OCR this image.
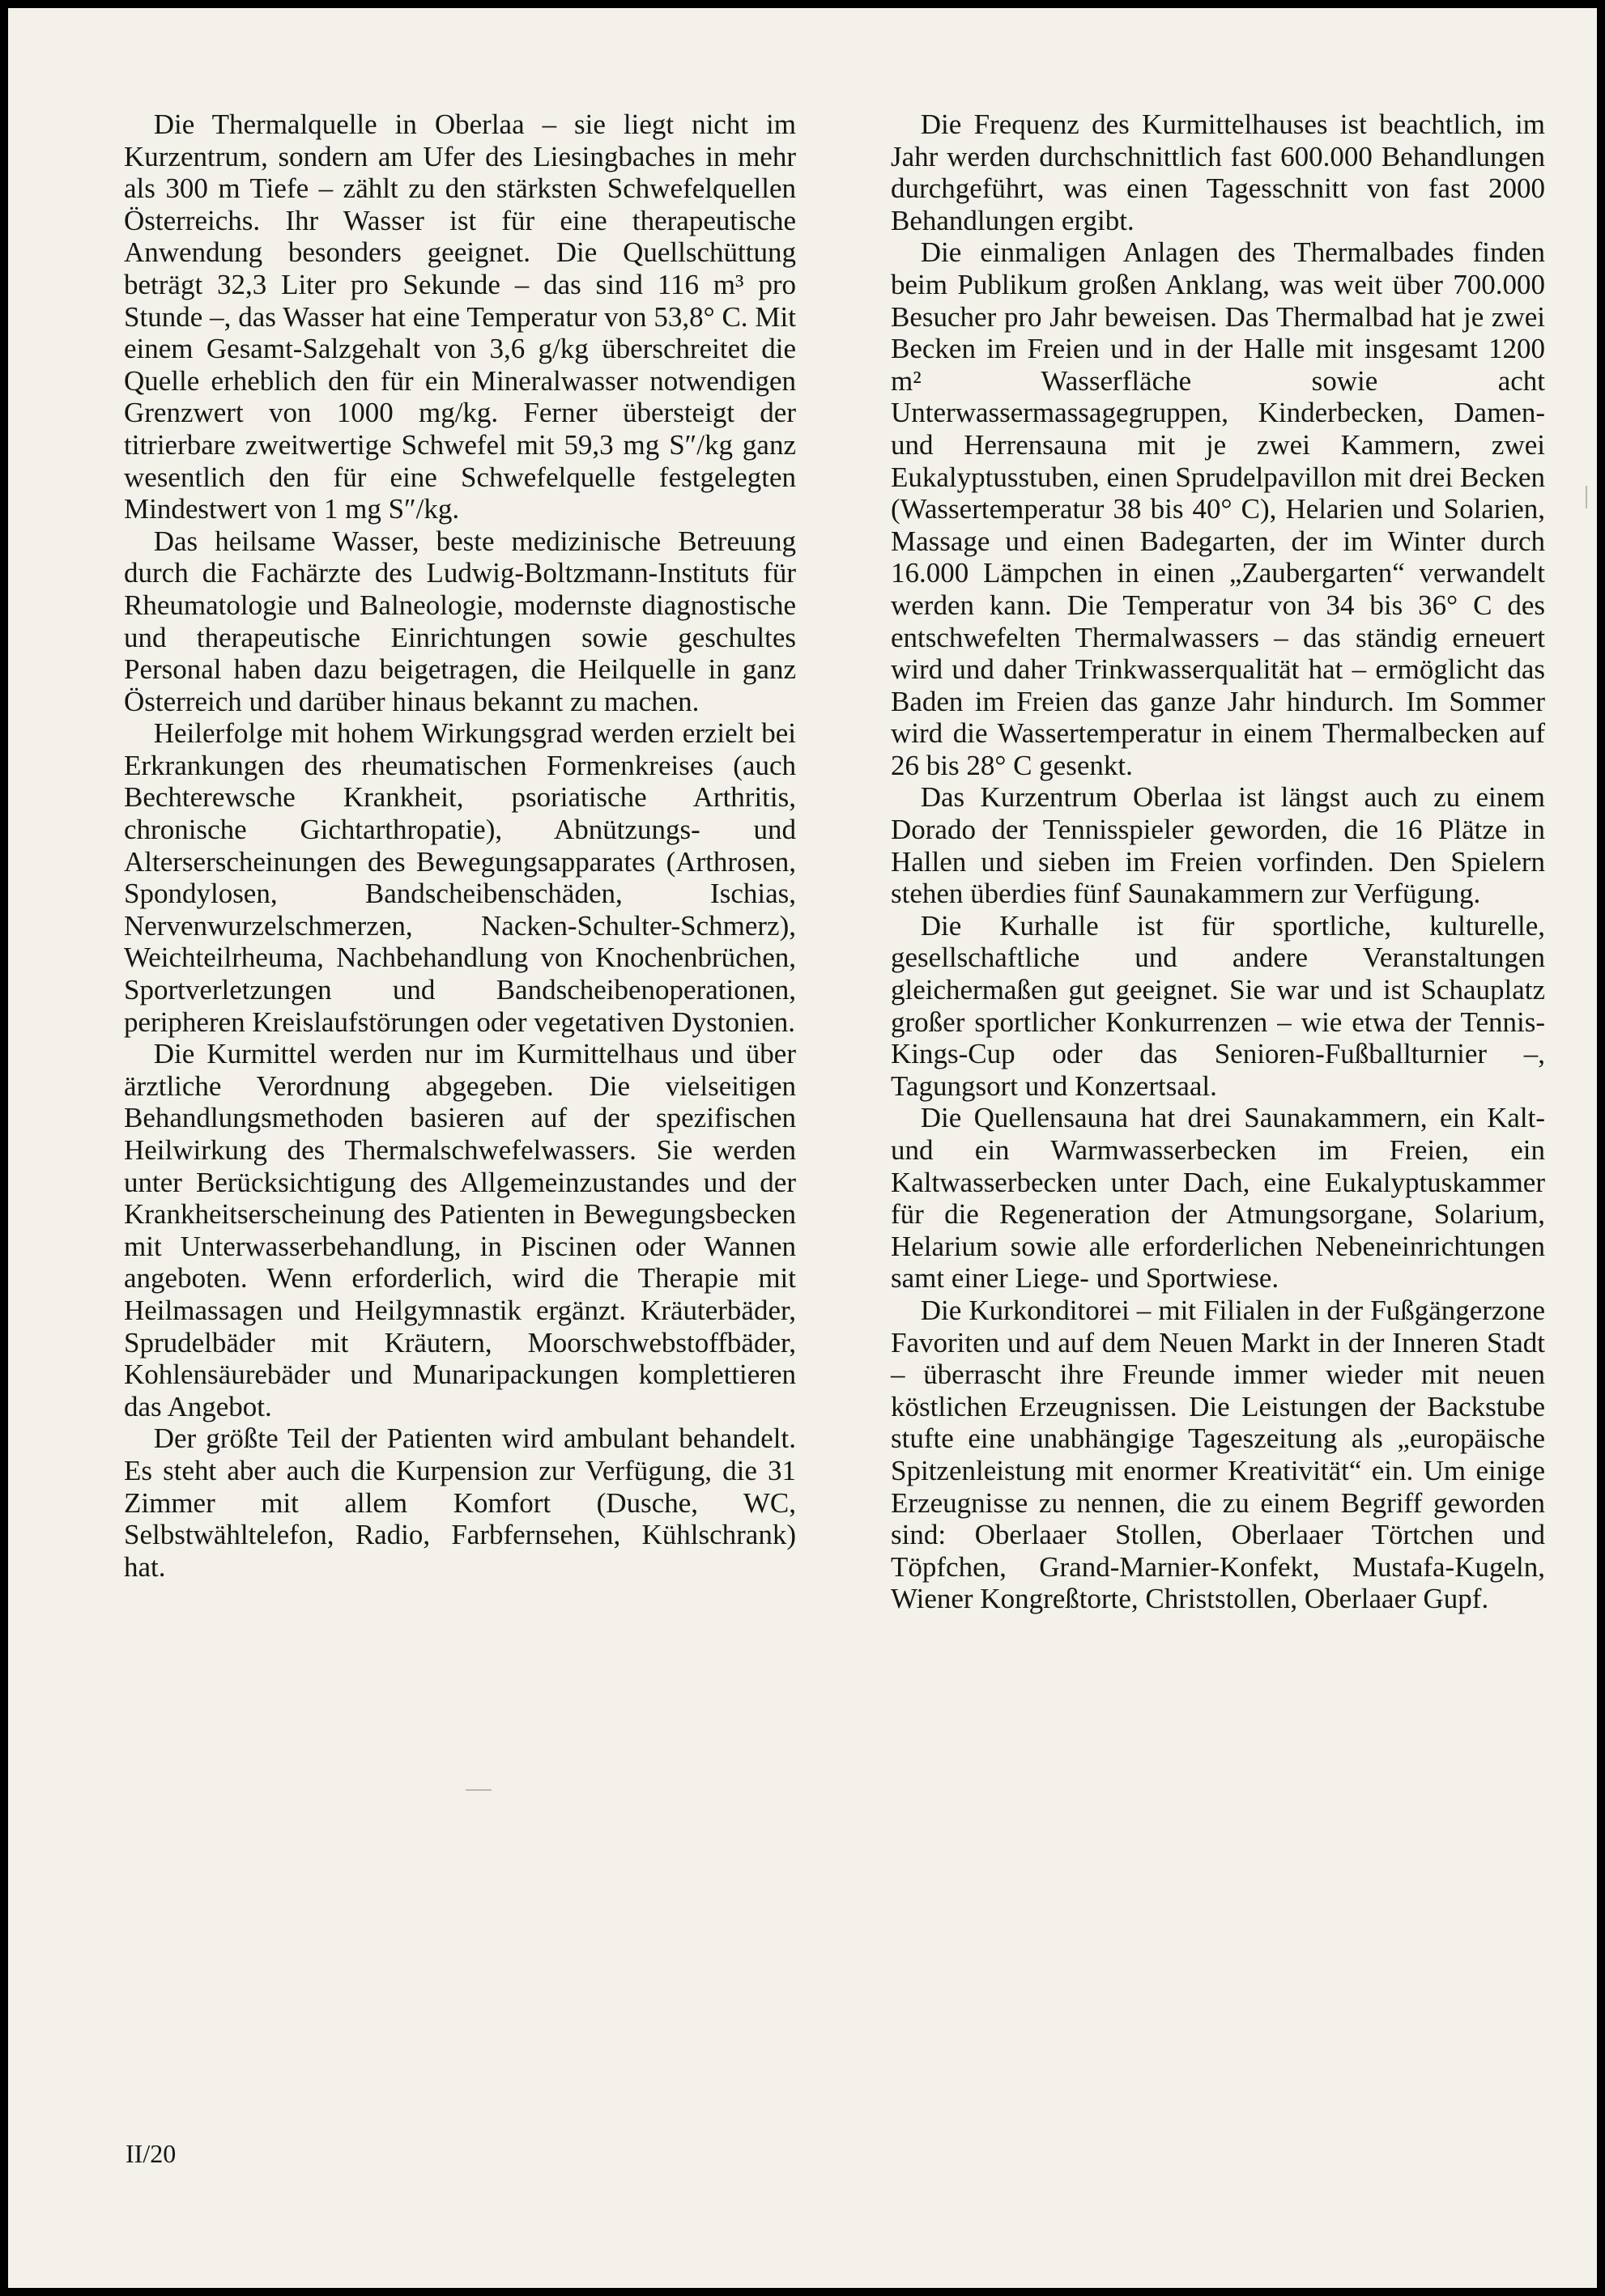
Die Thermalquelle in Oberlaa – sie liegt nicht im Kurzentrum, sondern am Ufer des Liesingbaches in mehr als 300 m Tiefe – zählt zu den stärksten Schwefelquellen Österreichs. Ihr Wasser ist für eine therapeutische Anwendung besonders geeignet. Die Quellschüttung beträgt 32,3 Liter pro Sekunde – das sind 116 m³ pro Stunde –, das Wasser hat eine Temperatur von 53,8° C. Mit einem Gesamt-Salzgehalt von 3,6 g/kg überschreitet die Quelle erheblich den für ein Mineralwasser notwendigen Grenzwert von 1000 mg/kg. Ferner übersteigt der titrierbare zweitwertige Schwefel mit 59,3 mg S″/kg ganz wesentlich den für eine Schwefelquelle festgelegten Mindestwert von 1 mg S″/kg.

Das heilsame Wasser, beste medizinische Betreuung durch die Fachärzte des Ludwig-Boltzmann-Instituts für Rheumatologie und Balneologie, modernste diagnostische und therapeutische Einrichtungen sowie geschultes Personal haben dazu beigetragen, die Heilquelle in ganz Österreich und darüber hinaus bekannt zu machen.

Heilerfolge mit hohem Wirkungsgrad werden erzielt bei Erkrankungen des rheumatischen Formenkreises (auch Bechterewsche Krankheit, psoriatische Arthritis, chronische Gichtarthropatie), Abnützungs- und Alterserscheinungen des Bewegungsapparates (Arthrosen, Spondylosen, Bandscheibenschäden, Ischias, Nervenwurzelschmerzen, Nacken-Schulter-Schmerz), Weichteilrheuma, Nachbehandlung von Knochenbrüchen, Sportverletzungen und Bandscheibenoperationen, peripheren Kreislaufstörungen oder vegetativen Dystonien.

Die Kurmittel werden nur im Kurmittelhaus und über ärztliche Verordnung abgegeben. Die vielseitigen Behandlungsmethoden basieren auf der spezifischen Heilwirkung des Thermalschwefelwassers. Sie werden unter Berücksichtigung des Allgemeinzustandes und der Krankheitserscheinung des Patienten in Bewegungsbecken mit Unterwasserbehandlung, in Piscinen oder Wannen angeboten. Wenn erforderlich, wird die Therapie mit Heilmassagen und Heilgymnastik ergänzt. Kräuterbäder, Sprudelbäder mit Kräutern, Moorschwebstoffbäder, Kohlensäurebäder und Munaripackungen komplettieren das Angebot.

Der größte Teil der Patienten wird ambulant behandelt. Es steht aber auch die Kurpension zur Verfügung, die 31 Zimmer mit allem Komfort (Dusche, WC, Selbstwähltelefon, Radio, Farbfernsehen, Kühlschrank) hat.

Die Frequenz des Kurmittelhauses ist beachtlich, im Jahr werden durchschnittlich fast 600.000 Behandlungen durchgeführt, was einen Tagesschnitt von fast 2000 Behandlungen ergibt.

Die einmaligen Anlagen des Thermalbades finden beim Publikum großen Anklang, was weit über 700.000 Besucher pro Jahr beweisen. Das Thermalbad hat je zwei Becken im Freien und in der Halle mit insgesamt 1200 m² Wasserfläche sowie acht Unterwassermassagegruppen, Kinderbecken, Damen- und Herrensauna mit je zwei Kammern, zwei Eukalyptusstuben, einen Sprudelpavillon mit drei Becken (Wassertemperatur 38 bis 40° C), Helarien und Solarien, Massage und einen Badegarten, der im Winter durch 16.000 Lämpchen in einen „Zaubergarten“ verwandelt werden kann. Die Temperatur von 34 bis 36° C des entschwefelten Thermalwassers – das ständig erneuert wird und daher Trinkwasserqualität hat – ermöglicht das Baden im Freien das ganze Jahr hindurch. Im Sommer wird die Wassertemperatur in einem Thermalbecken auf 26 bis 28° C gesenkt.

Das Kurzentrum Oberlaa ist längst auch zu einem Dorado der Tennisspieler geworden, die 16 Plätze in Hallen und sieben im Freien vorfinden. Den Spielern stehen überdies fünf Saunakammern zur Verfügung.

Die Kurhalle ist für sportliche, kulturelle, gesellschaftliche und andere Veranstaltungen gleichermaßen gut geeignet. Sie war und ist Schauplatz großer sportlicher Konkurrenzen – wie etwa der Tennis-Kings-Cup oder das Senioren-Fußballturnier –, Tagungsort und Konzertsaal.

Die Quellensauna hat drei Saunakammern, ein Kalt- und ein Warmwasserbecken im Freien, ein Kaltwasserbecken unter Dach, eine Eukalyptuskammer für die Regeneration der Atmungsorgane, Solarium, Helarium sowie alle erforderlichen Nebeneinrichtungen samt einer Liege- und Sportwiese.

Die Kurkonditorei – mit Filialen in der Fußgängerzone Favoriten und auf dem Neuen Markt in der Inneren Stadt – überrascht ihre Freunde immer wieder mit neuen köstlichen Erzeugnissen. Die Leistungen der Backstube stufte eine unabhängige Tageszeitung als „europäische Spitzenleistung mit enormer Kreativität“ ein. Um einige Erzeugnisse zu nennen, die zu einem Begriff geworden sind: Oberlaaer Stollen, Oberlaaer Törtchen und Töpfchen, Grand-Marnier-Konfekt, Mustafa-Kugeln, Wiener Kongreßtorte, Christstollen, Oberlaaer Gupf.

II/20
